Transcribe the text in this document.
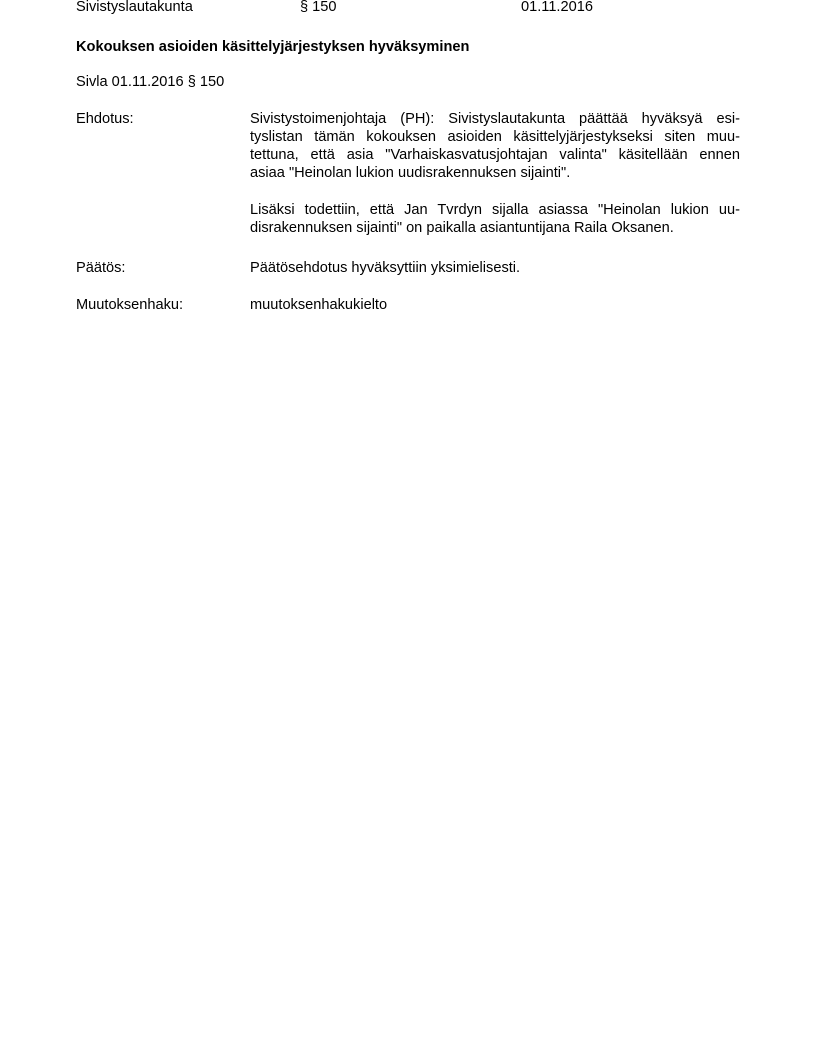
Sivistyslautakunta	§ 150	01.11.2016
Kokouksen asioiden käsittelyjärjestyksen hyväksyminen
Sivla 01.11.2016 § 150
Ehdotus:	Sivistystoimenjohtaja (PH): Sivistyslautakunta päättää hyväksyä esi-
tyslistan tämän kokouksen asioiden käsittelyjärjestykseksi siten muu-
tettuna, että asia "Varhaiskasvatusjohtajan valinta" käsitellään ennen
asiaa "Heinolan lukion uudisrakennuksen sijainti".

Lisäksi todettiin, että Jan Tvrdyn sijalla asiassa "Heinolan lukion uu-
disrakennuksen sijainti" on paikalla asiantuntijana Raila Oksanen.

Päätös:	Päätösehdotus hyväksyttiin yksimielisesti.
Muutoksenhaku:	muutoksenhakukielto
